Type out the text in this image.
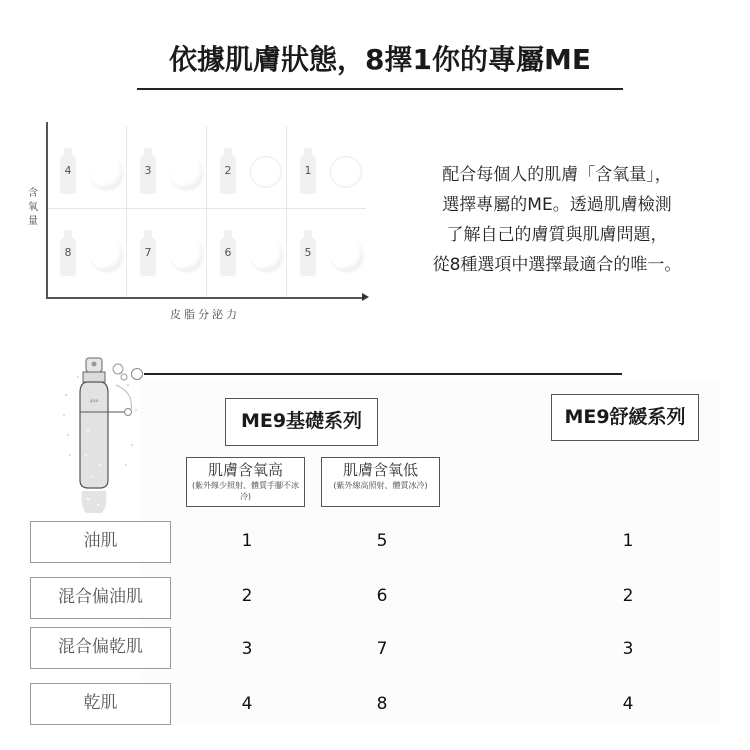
依據肌膚狀態，8擇1你的專屬ME
4	3	2	1
8	7	6	5
含
氧
量
皮脂分泌力
配合每個人的肌膚「含氧量」，
選擇專屬的ME。透過肌膚檢測
了解自己的膚質與肌膚問題，
從8種選項中選擇最適合的唯一。
ipsa
ME9基礎系列	ME9舒緩系列
肌膚含氧高
(紫外線少照射、體質手腳不冰冷)
肌膚含氧低
(紫外線高照射、體質冰冷)
油肌	1	5	1
混合偏油肌	2	6	2
混合偏乾肌	3	7	3
乾肌	4	8	4
